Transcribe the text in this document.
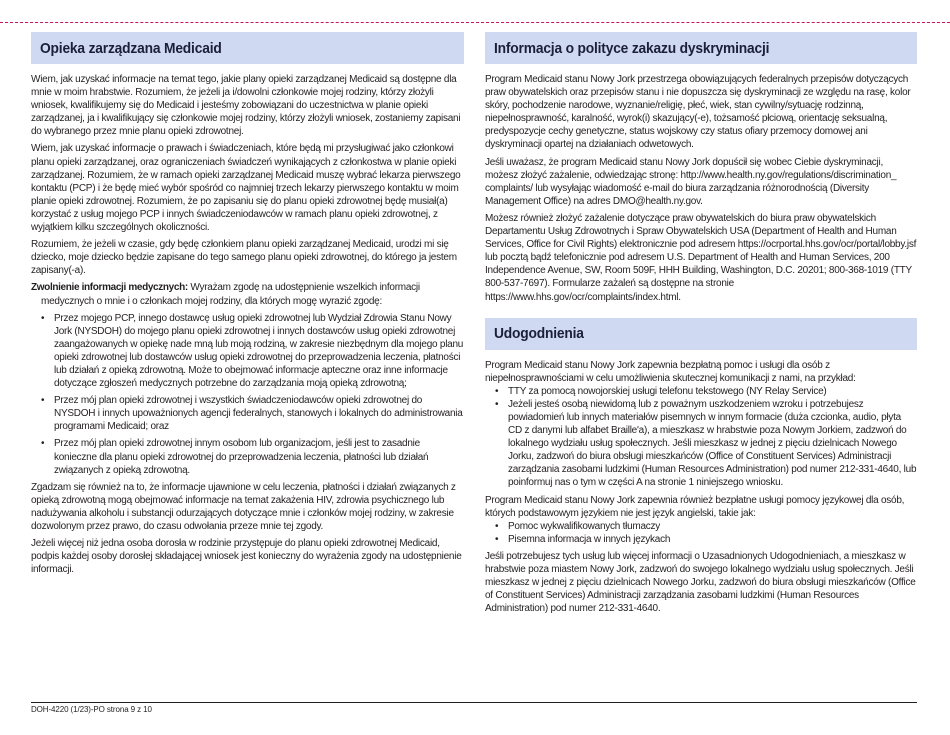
Opieka zarządzana Medicaid

Wiem, jak uzyskać informacje na temat tego, jakie plany opieki zarządzanej Medicaid są dostępne dla mnie w moim hrabstwie. Rozumiem, że jeżeli ja i/dowolni członkowie mojej rodziny, którzy złożyli wniosek, kwalifikujemy się do Medicaid i jesteśmy zobowiązani do uczestnictwa w planie opieki zarządzanej, ja i kwalifikujący się członkowie mojej rodziny, którzy złożyli wniosek, zostaniemy zapisani do wybranego przez mnie planu opieki zdrowotnej.

Wiem, jak uzyskać informacje o prawach i świadczeniach, które będą mi przysługiwać jako członkowi planu opieki zarządzanej, oraz ograniczeniach świadczeń wynikających z członkostwa w planie opieki zarządzanej. Rozumiem, że w ramach opieki zarządzanej Medicaid muszę wybrać lekarza pierwszego kontaktu (PCP) i że będę mieć wybór spośród co najmniej trzech lekarzy pierwszego kontaktu w moim planie opieki zdrowotnej. Rozumiem, że po zapisaniu się do planu opieki zdrowotnej będę musiał(a) korzystać z usług mojego PCP i innych świadczeniodawców w ramach planu opieki zdrowotnej, z wyjątkiem kilku szczególnych okoliczności.

Rozumiem, że jeżeli w czasie, gdy będę członkiem planu opieki zarządzanej Medicaid, urodzi mi się dziecko, moje dziecko będzie zapisane do tego samego planu opieki zdrowotnej, do którego ja jestem zapisany(-a).

Zwolnienie informacji medycznych: Wyrażam zgodę na udostępnienie wszelkich informacji medycznych o mnie i o członkach mojej rodziny, dla których mogę wyrazić zgodę:

• Przez mojego PCP, innego dostawcę usług opieki zdrowotnej lub Wydział Zdrowia Stanu Nowy Jork (NYSDOH) do mojego planu opieki zdrowotnej i innych dostawców usług opieki zdrowotnej zaangażowanych w opiekę nade mną lub moją rodziną, w zakresie niezbędnym dla mojego planu opieki zdrowotnej lub dostawców usług opieki zdrowotnej do przeprowadzenia leczenia, płatności lub działań z opieką zdrowotną. Może to obejmować informacje apteczne oraz inne informacje dotyczące zgłoszeń medycznych potrzebne do zarządzania moją opieką zdrowotną;
• Przez mój plan opieki zdrowotnej i wszystkich świadczeniodawców opieki zdrowotnej do NYSDOH i innych upoważnionych agencji federalnych, stanowych i lokalnych do administrowania programami Medicaid; oraz
• Przez mój plan opieki zdrowotnej innym osobom lub organizacjom, jeśli jest to zasadnie konieczne dla planu opieki zdrowotnej do przeprowadzenia leczenia, płatności lub działań związanych z opieką zdrowotną.

Zgadzam się również na to, że informacje ujawnione w celu leczenia, płatności i działań związanych z opieką zdrowotną mogą obejmować informacje na temat zakażenia HIV, zdrowia psychicznego lub nadużywania alkoholu i substancji odurzających dotyczące mnie i członków mojej rodziny, w zakresie dozwolonym przez prawo, do czasu odwołania przeze mnie tej zgody.

Jeżeli więcej niż jedna osoba dorosła w rodzinie przystępuje do planu opieki zdrowotnej Medicaid, podpis każdej osoby dorosłej składającej wniosek jest konieczny do wyrażenia zgody na udostępnienie informacji.

Informacja o polityce zakazu dyskryminacji

Program Medicaid stanu Nowy Jork przestrzega obowiązujących federalnych przepisów dotyczących praw obywatelskich oraz przepisów stanu i nie dopuszcza się dyskryminacji ze względu na rasę, kolor skóry, pochodzenie narodowe, wyznanie/religię, płeć, wiek, stan cywilny/sytuację rodzinną, niepełnosprawność, karalność, wyrok(i) skazujący(-e), tożsamość płciową, orientację seksualną, predyspozycje cechy genetyczne, status wojskowy czy status ofiary przemocy domowej ani dyskryminacji opartej na działaniach odwetowych.

Jeśli uważasz, że program Medicaid stanu Nowy Jork dopuścił się wobec Ciebie dyskryminacji, możesz złożyć zażalenie, odwiedzając stronę: http://www.health.ny.gov/regulations/discrimination_ complaints/ lub wysyłając wiadomość e-mail do biura zarządzania różnorodnością (Diversity Management Office) na adres DMO@health.ny.gov.

Możesz również złożyć zażalenie dotyczące praw obywatelskich do biura praw obywatelskich Departamentu Usług Zdrowotnych i Spraw Obywatelskich USA (Department of Health and Human Services, Office for Civil Rights) elektronicznie pod adresem https://ocrportal.hhs.gov/ocr/portal/lobby.jsf lub pocztą bądź telefonicznie pod adresem U.S. Department of Health and Human Services, 200 Independence Avenue, SW, Room 509F, HHH Building, Washington, D.C. 20201; 800-368-1019 (TTY 800-537-7697). Formularze zażaleń są dostępne na stronie https://www.hhs.gov/ocr/complaints/index.html.

Udogodnienia

Program Medicaid stanu Nowy Jork zapewnia bezpłatną pomoc i usługi dla osób z niepełnosprawnościami w celu umożliwienia skutecznej komunikacji z nami, na przykład:

• TTY za pomocą nowojorskiej usługi telefonu tekstowego (NY Relay Service)
• Jeżeli jesteś osobą niewidomą lub z poważnym uszkodzeniem wzroku i potrzebujesz powiadomień lub innych materiałów pisemnych w innym formacie (duża czcionka, audio, płyta CD z danymi lub alfabet Braille'a), a mieszkasz w hrabstwie poza Nowym Jorkiem, zadzwoń do lokalnego wydziału usług społecznych. Jeśli mieszkasz w jednej z pięciu dzielnicach Nowego Jorku, zadzwoń do biura obsługi mieszkańców (Office of Constituent Services) Administracji zarządzania zasobami ludzkimi (Human Resources Administration) pod numer 212-331-4640, lub poinformuj nas o tym w części A na stronie 1 niniejszego wniosku.

Program Medicaid stanu Nowy Jork zapewnia również bezpłatne usługi pomocy językowej dla osób, których podstawowym językiem nie jest język angielski, takie jak:

• Pomoc wykwalifikowanych tłumaczy
• Pisemna informacja w innych językach

Jeśli potrzebujesz tych usług lub więcej informacji o Uzasadnionych Udogodnieniach, a mieszkasz w hrabstwie poza miastem Nowy Jork, zadzwoń do swojego lokalnego wydziału usług społecznych. Jeśli mieszkasz w jednej z pięciu dzielnicach Nowego Jorku, zadzwoń do biura obsługi mieszkańców (Office of Constituent Services) Administracji zarządzania zasobami ludzkimi (Human Resources Administration) pod numer 212-331-4640.

DOH-4220 (1/23)-PO strona 9 z 10
